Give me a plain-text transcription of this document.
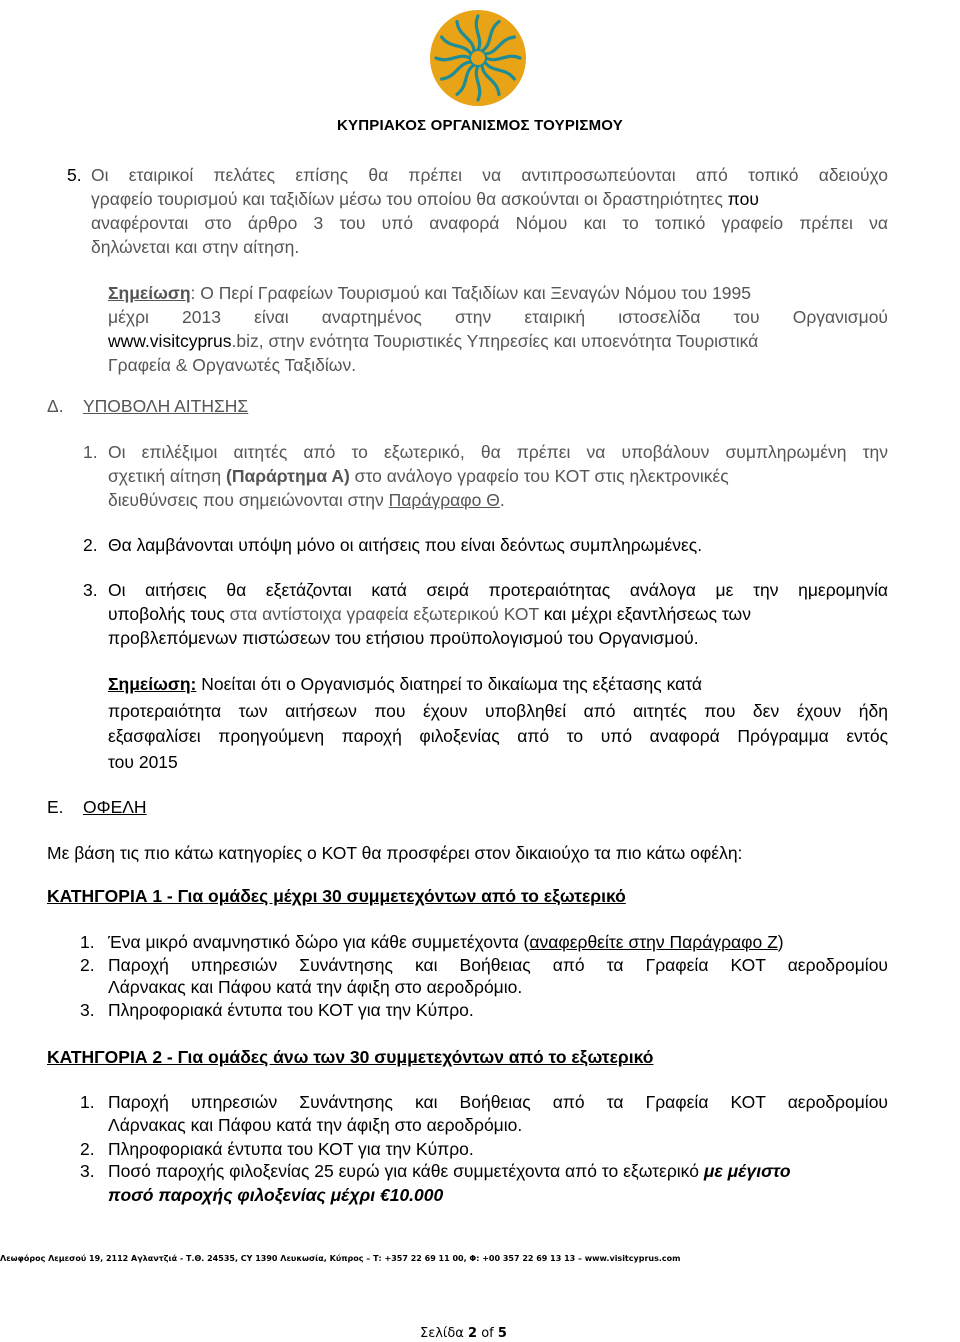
ΚΥΠΡΙΑΚΟΣ ΟΡΓΑΝΙΣΜΟΣ ΤΟΥΡΙΣΜΟΥ
5. Οι εταιρικοί πελάτες επίσης θα πρέπει να αντιπροσωπεύονται από τοπικό αδειούχο
γραφείο τουρισμού και ταξιδίων μέσω του οποίου θα ασκούνται οι δραστηριότητες που
αναφέρονται στο άρθρο 3 του υπό αναφορά Νόμου και το τοπικό γραφείο πρέπει να
δηλώνεται και στην αίτηση.
Σημείωση: Ο Περί Γραφείων Τουρισμού και Ταξιδίων και Ξεναγών Νόμου του 1995
μέχρι 2013 είναι αναρτημένος στην εταιρική ιστοσελίδα του Οργανισμού
www.visitcyprus.biz, στην ενότητα Τουριστικές Υπηρεσίες και υποενότητα Τουριστικά
Γραφεία & Οργανωτές Ταξιδίων.
Δ. ΥΠΟΒΟΛΗ ΑΙΤΗΣΗΣ
1. Οι επιλέξιμοι αιτητές από το εξωτερικό, θα πρέπει να υποβάλουν συμπληρωμένη την
σχετική αίτηση (Παράρτημα Α) στο ανάλογο γραφείο του ΚΟΤ στις ηλεκτρονικές
διευθύνσεις που σημειώνονται στην Παράγραφο Θ.
2. Θα λαμβάνονται υπόψη μόνο οι αιτήσεις που είναι δεόντως συμπληρωμένες.
3. Οι αιτήσεις θα εξετάζονται κατά σειρά προτεραιότητας ανάλογα με την ημερομηνία
υποβολής τους στα αντίστοιχα γραφεία εξωτερικού ΚΟΤ και μέχρι εξαντλήσεως των
προβλεπόμενων πιστώσεων του ετήσιου προϋπολογισμού του Οργανισμού.
Σημείωση: Νοείται ότι ο Οργανισμός διατηρεί το δικαίωμα της εξέτασης κατά
προτεραιότητα των αιτήσεων που έχουν υποβληθεί από αιτητές που δεν έχουν ήδη
εξασφαλίσει προηγούμενη παροχή φιλοξενίας από το υπό αναφορά Πρόγραμμα εντός
του 2015
Ε. ΟΦΕΛΗ
Με βάση τις πιο κάτω κατηγορίες ο ΚΟΤ θα προσφέρει στον δικαιούχο τα πιο κάτω οφέλη:
ΚΑΤΗΓΟΡΙΑ 1 - Για ομάδες μέχρι 30 συμμετεχόντων από το εξωτερικό
1. Ένα μικρό αναμνηστικό δώρο για κάθε συμμετέχοντα (αναφερθείτε στην Παράγραφο Ζ)
2. Παροχή υπηρεσιών Συνάντησης και Βοήθειας από τα Γραφεία ΚΟΤ αεροδρομίου
Λάρνακας και Πάφου κατά την άφιξη στο αεροδρόμιο.
3. Πληροφοριακά έντυπα του ΚΟΤ για την Κύπρο.
ΚΑΤΗΓΟΡΙΑ 2 - Για ομάδες άνω των 30 συμμετεχόντων από το εξωτερικό
1. Παροχή υπηρεσιών Συνάντησης και Βοήθειας από τα Γραφεία ΚΟΤ αεροδρομίου
Λάρνακας και Πάφου κατά την άφιξη στο αεροδρόμιο.
2. Πληροφοριακά έντυπα του ΚΟΤ για την Κύπρο.
3. Ποσό παροχής φιλοξενίας 25 ευρώ για κάθε συμμετέχοντα από το εξωτερικό με μέγιστο
ποσό παροχής φιλοξενίας μέχρι €10.000
Λεωφόρος Λεμεσού 19, 2112 Αγλαντζιά - Τ.Θ. 24535, CY 1390 Λευκωσία, Κύπρος – Τ: +357 22 69 11 00, Φ: +00 357 22 69 13 13 – www.visitcyprus.com
Σελίδα 2 of 5
